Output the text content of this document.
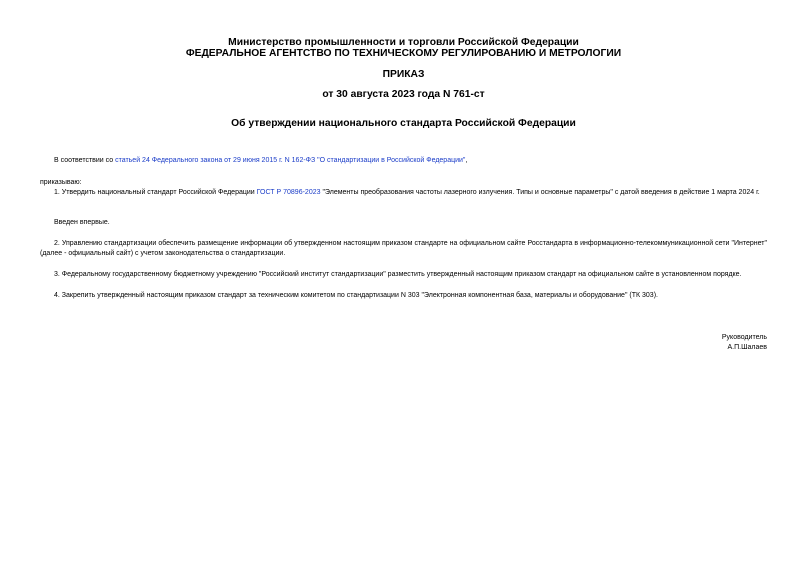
Министерство промышленности и торговли Российской Федерации
ФЕДЕРАЛЬНОЕ АГЕНТСТВО ПО ТЕХНИЧЕСКОМУ РЕГУЛИРОВАНИЮ И МЕТРОЛОГИИ
ПРИКАЗ
от 30 августа 2023 года N 761-ст
Об утверждении национального стандарта Российской Федерации
В соответствии со статьей 24 Федерального закона от 29 июня 2015 г. N 162-ФЗ "О стандартизации в Российской Федерации",
приказываю:
1. Утвердить национальный стандарт Российской Федерации ГОСТ Р 70896-2023 "Элементы преобразования частоты лазерного излучения. Типы и основные параметры" с датой введения в действие 1 марта 2024 г.
Введен впервые.
2. Управлению стандартизации обеспечить размещение информации об утвержденном настоящим приказом стандарте на официальном сайте Росстандарта в информационно-телекоммуникационной сети "Интернет" (далее - официальный сайт) с учетом законодательства о стандартизации.
3. Федеральному государственному бюджетному учреждению "Российский институт стандартизации" разместить утвержденный настоящим приказом стандарт на официальном сайте в установленном порядке.
4. Закрепить утвержденный настоящим приказом стандарт за техническим комитетом по стандартизации N 303 "Электронная компонентная база, материалы и оборудование" (ТК 303).
Руководитель
А.П.Шалаев
